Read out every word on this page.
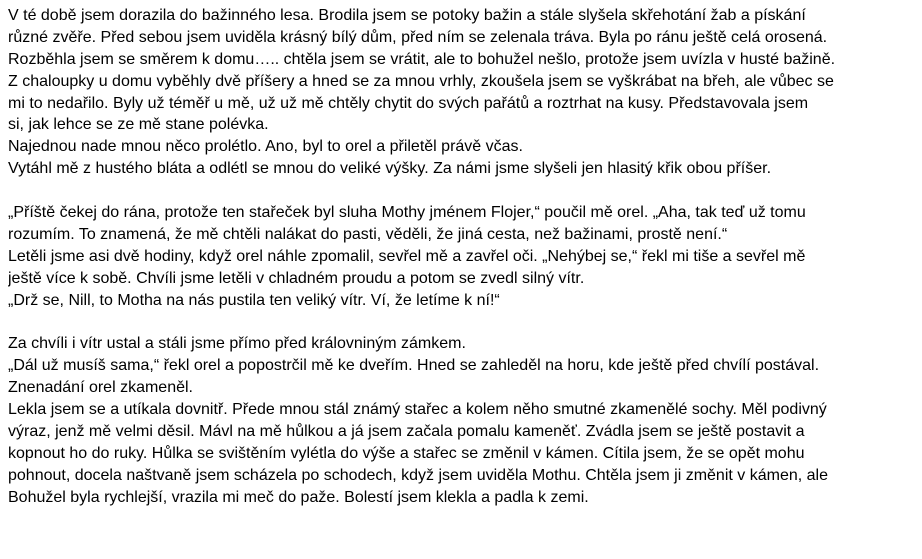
V té době jsem dorazila do bažinného lesa. Brodila jsem se potoky bažin a stále slyšela skřehotání žab a pískání
různé zvěře. Před sebou jsem uviděla krásný bílý dům, před ním se zelenala tráva. Byla po ránu ještě celá orosená.
Rozběhla jsem se směrem k domu….. chtěla jsem se vrátit, ale to bohužel nešlo, protože jsem uvízla v husté bažině.
Z chaloupky u domu vyběhly dvě příšery a hned se za mnou vrhly, zkoušela jsem se vyškrábat na břeh, ale vůbec se
mi to nedařilo. Byly už téměř u mě, už už mě chtěly chytit do svých pařátů a roztrhat na kusy. Představovala jsem
si, jak lehce se ze mě stane polévka.
Najednou nade mnou něco prolétlo. Ano, byl to orel a přiletěl právě včas.
Vytáhl mě z hustého bláta a odlétl se mnou do veliké výšky. Za námi jsme slyšeli jen hlasitý křik obou příšer.
„Příště čekej do rána, protože ten stařeček byl sluha Mothy jménem Flojer,“ poučil mě orel. „Aha, tak teď už tomu
rozumím. To znamená, že mě chtěli nalákat do pasti, věděli, že jiná cesta, než bažinami, prostě není.“
Letěli jsme asi dvě hodiny, když orel náhle zpomalil, sevřel mě a zavřel oči. „Nehýbej se,“ řekl mi tiše a sevřel mě
ještě více k sobě. Chvíli jsme letěli v chladném proudu a potom se zvedl silný vítr.
„Drž se, Nill, to Motha na nás pustila ten veliký vítr. Ví, že letíme k ní!“
Za chvíli i vítr ustal a stáli jsme přímo před královniným zámkem.
„Dál už musíš sama,“ řekl orel a popostrčil mě ke dveřím. Hned se zahleděl na horu, kde ještě před chvílí postával.
Znenadání orel zkameněl.
Lekla jsem se a utíkala dovnitř. Přede mnou stál známý stařec a kolem něho smutné zkamenělé sochy. Měl podivný
výraz, jenž mě velmi děsil. Mávl na mě hůlkou a já jsem začala pomalu kameněť. Zvádla jsem se ještě postavit a
kopnout ho do ruky. Hůlka se svištěním vylétla do výše a stařec se změnil v kámen. Cítila jsem, že se opět mohu
pohnout, docela naštvaně jsem scházela po schodech, když jsem uviděla Mothu. Chtěla jsem ji změnit v kámen, ale
Bohužel byla rychlejší, vrazila mi meč do paže. Bolestí jsem klekla a padla k zemi.
